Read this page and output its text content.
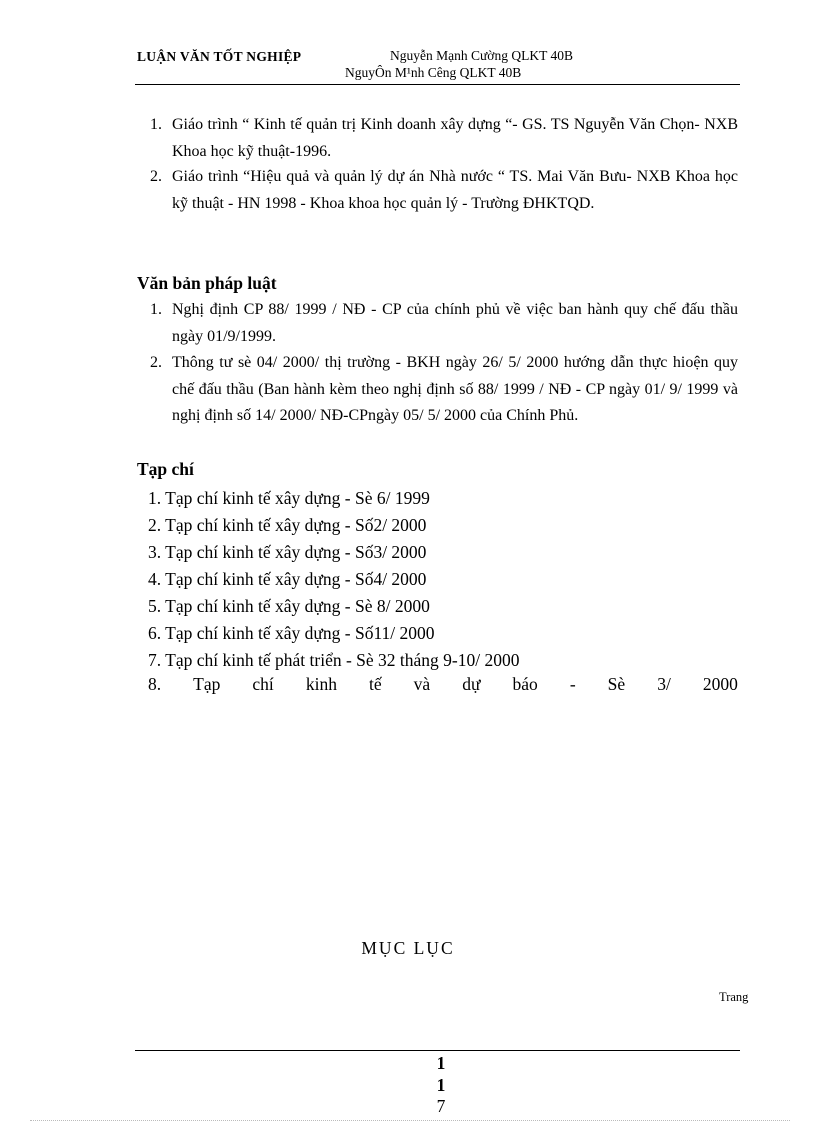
LUẬN VĂN TỐT NGHIỆP	Nguyễn Mạnh Cường QLKT 40B
NguyÔn M¹nh Cêng QLKT 40B
1. Giáo trình “ Kinh tế quản trị Kinh doanh xây dựng “- GS. TS Nguyễn Văn Chọn- NXB Khoa học kỹ thuật-1996.
2. Giáo trình “Hiệu quả và quản lý dự án Nhà nước “ TS. Mai Văn Bưu- NXB Khoa học kỹ thuật - HN 1998 - Khoa khoa học quản lý - Trường ĐHKTQD.
Văn bản pháp luật
1. Nghị định CP 88/ 1999 / NĐ - CP của chính phủ về việc ban hành quy chế đấu thầu ngày 01/9/1999.
2. Thông tư sè 04/ 2000/ thị trường - BKH ngày 26/ 5/ 2000 hướng dẫn thực hioện quy chế đấu thầu (Ban hành kèm theo nghị định số 88/ 1999 / NĐ - CP ngày 01/ 9/ 1999 và nghị định số 14/ 2000/ NĐ-CPngày 05/ 5/ 2000 của Chính Phủ.
Tạp chí
1. Tạp chí kinh tế xây dựng - Sè 6/ 1999
2. Tạp chí kinh tế xây dựng - Số2/ 2000
3. Tạp chí kinh tế xây dựng - Số3/ 2000
4. Tạp chí kinh tế xây dựng - Số4/ 2000
5. Tạp chí kinh tế xây dựng - Sè 8/ 2000
6. Tạp chí kinh tế xây dựng - Số11/ 2000
7. Tạp chí kinh tế phát triển - Sè 32 tháng 9-10/ 2000
8. Tạp chí kinh tế và dự báo - Sè 3/ 2000
MỤC LỤC
Trang
1
1
7
